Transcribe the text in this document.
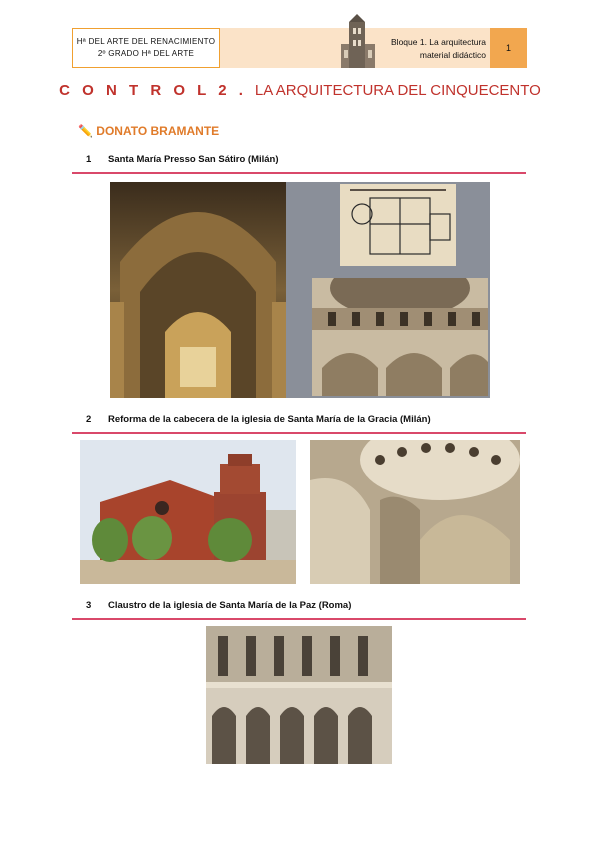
Hª DEL ARTE DEL RENACIMIENTO
2º GRADO Hª DEL ARTE
Bloque 1. La arquitectura
material didáctico
1
C O N T R O L 2 . LA ARQUITECTURA DEL CINQUECENTO
✏️ DONATO BRAMANTE
1 Santa María Presso San Sátiro (Milán)
2 Reforma de la cabecera de la iglesia de Santa María de la Gracia (Milán)
3 Claustro de la iglesia de Santa María de la Paz (Roma)
